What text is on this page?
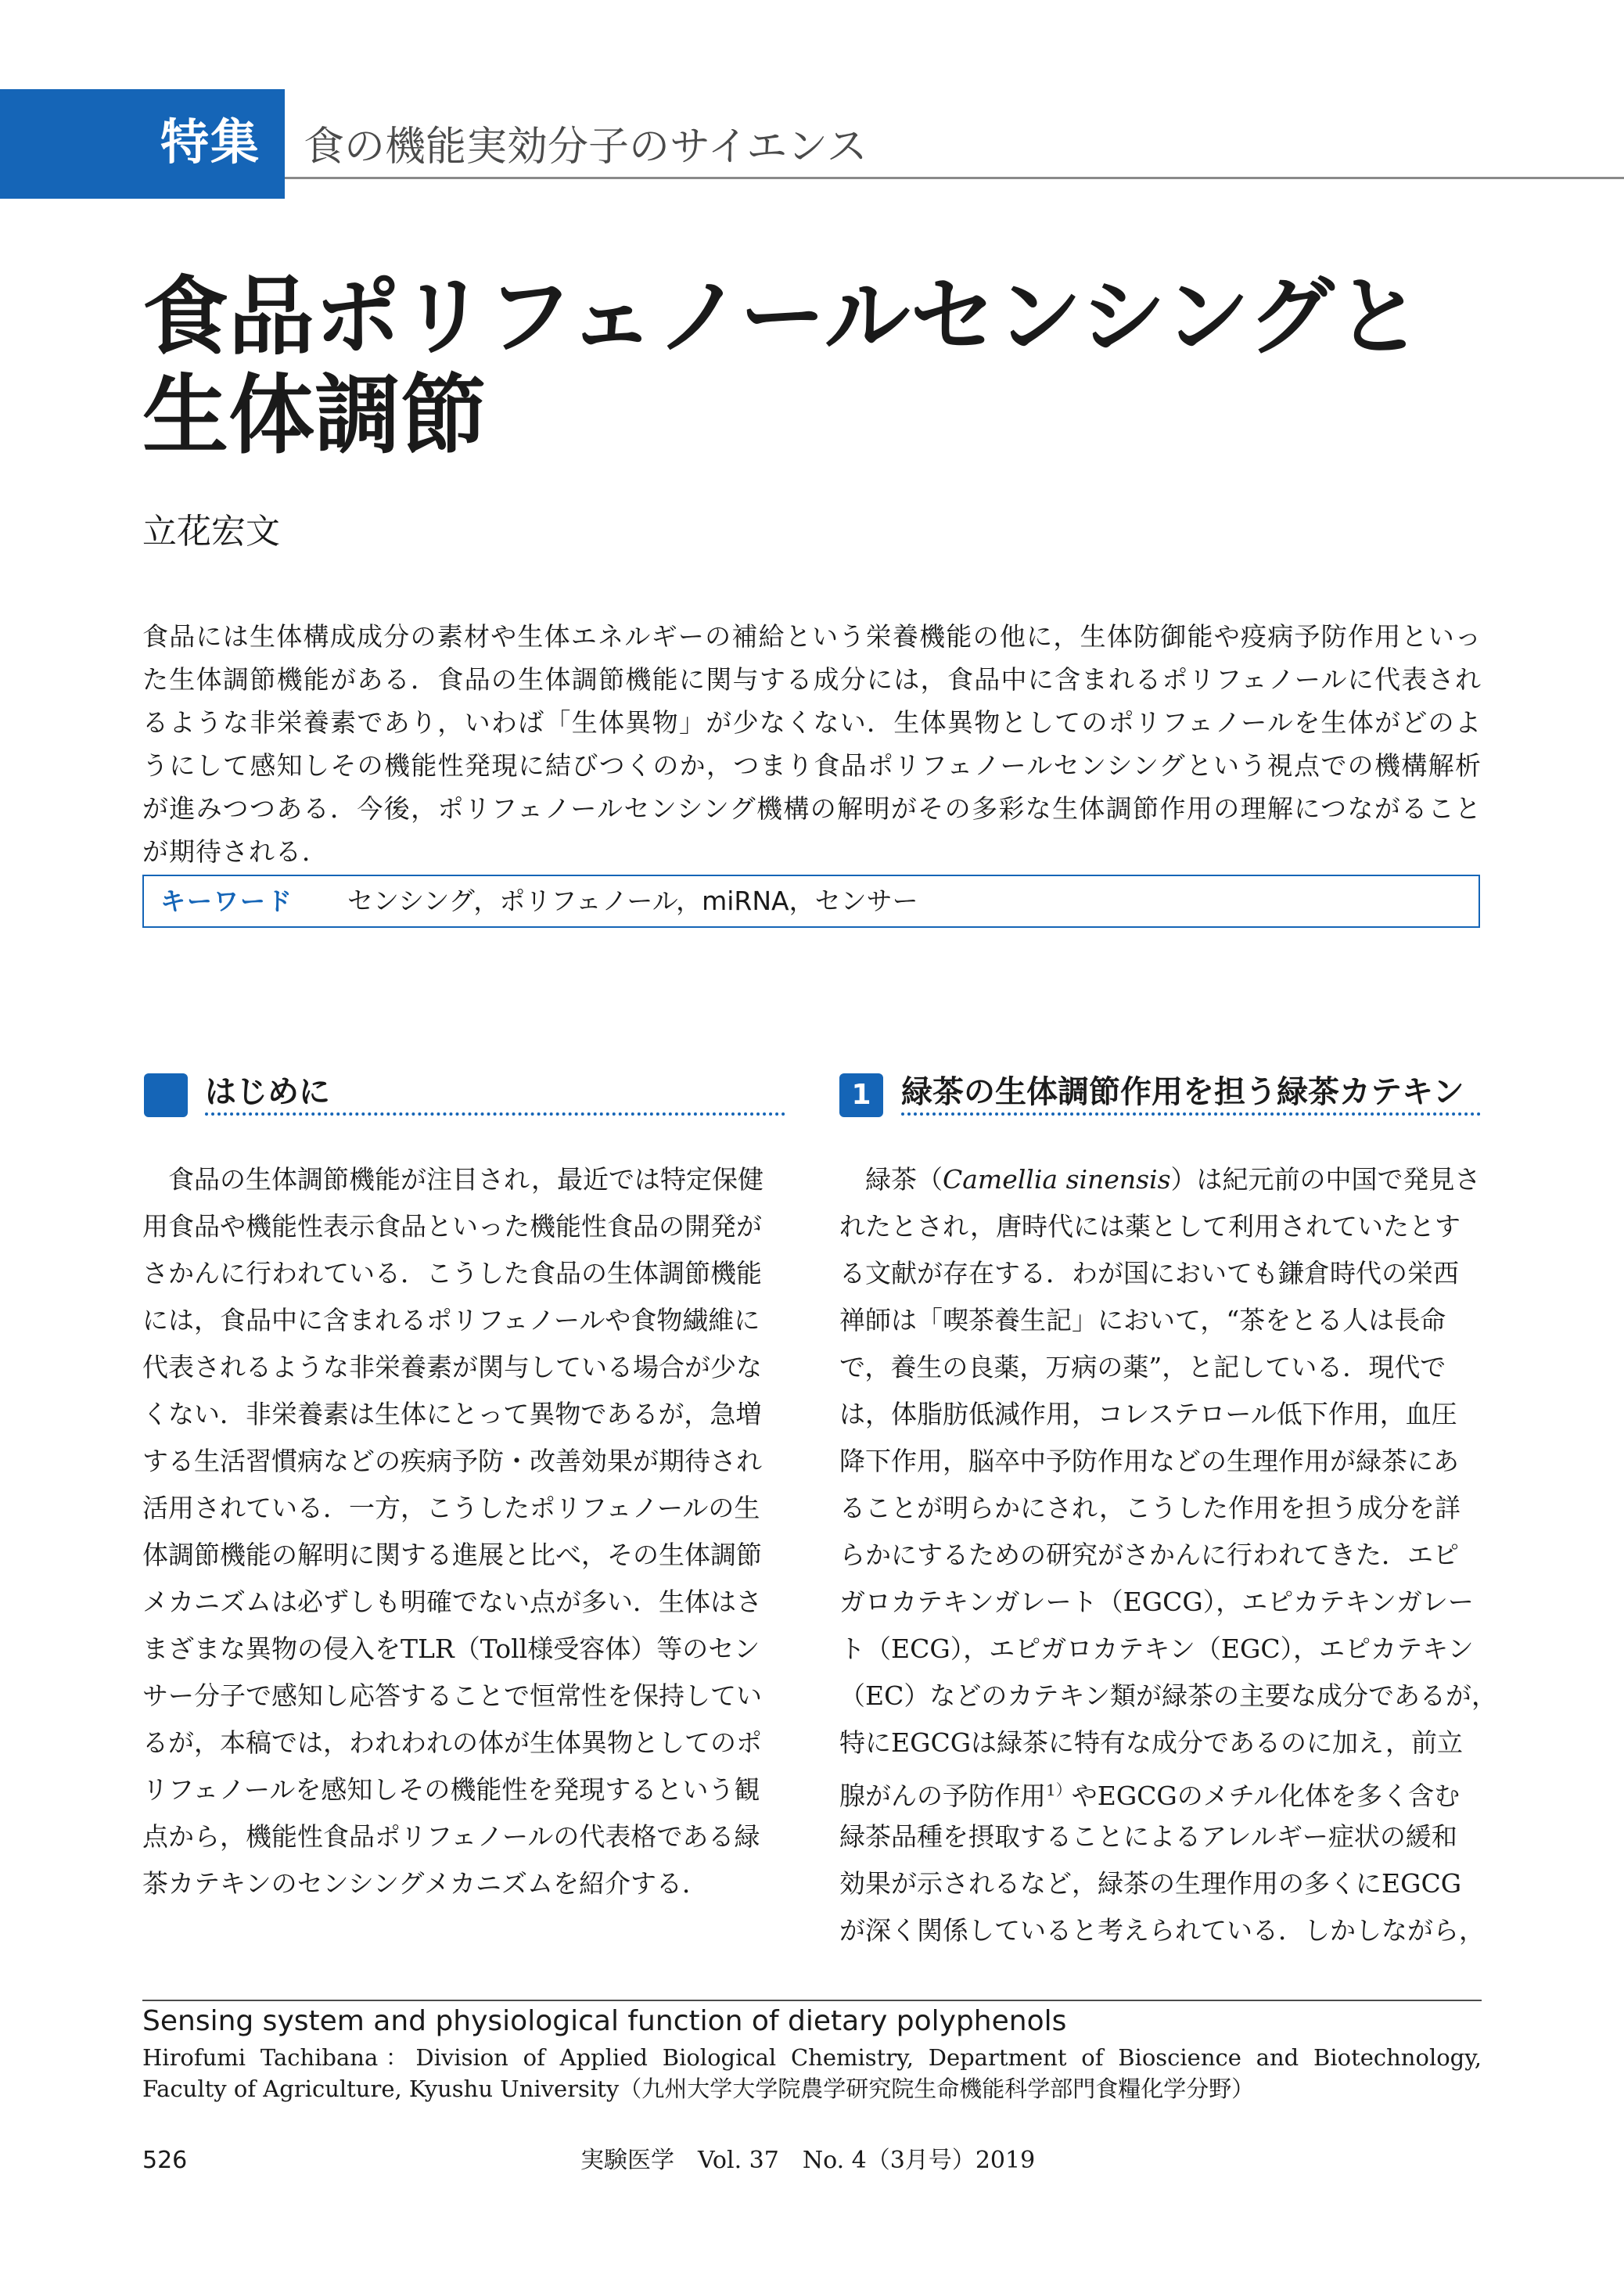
特集	食の機能実効分子のサイエンス
食品ポリフェノールセンシングと
生体調節
立花宏文
食品には生体構成成分の素材や生体エネルギーの補給という栄養機能の他に，生体防御能や疫病予防作用といった生体調節機能がある．食品の生体調節機能に関与する成分には，食品中に含まれるポリフェノールに代表されるような非栄養素であり，いわば「生体異物」が少なくない．生体異物としてのポリフェノールを生体がどのようにして感知しその機能性発現に結びつくのか，つまり食品ポリフェノールセンシングという視点での機構解析が進みつつある．今後，ポリフェノールセンシング機構の解明がその多彩な生体調節作用の理解につながることが期待される．
キーワード センシング，ポリフェノール，miRNA，センサー
はじめに	1 緑茶の生体調節作用を担う緑茶カテキン
　食品の生体調節機能が注目され，最近では特定保健
用食品や機能性表示食品といった機能性食品の開発が
さかんに行われている．こうした食品の生体調節機能
には，食品中に含まれるポリフェノールや食物繊維に
代表されるような非栄養素が関与している場合が少な
くない．非栄養素は生体にとって異物であるが，急増
する生活習慣病などの疾病予防・改善効果が期待され
活用されている．一方，こうしたポリフェノールの生
体調節機能の解明に関する進展と比べ，その生体調節
メカニズムは必ずしも明確でない点が多い．生体はさ
まざまな異物の侵入をTLR（Toll様受容体）等のセン
サー分子で感知し応答することで恒常性を保持してい
るが，本稿では，われわれの体が生体異物としてのポ
リフェノールを感知しその機能性を発現するという観
点から，機能性食品ポリフェノールの代表格である緑
茶カテキンのセンシングメカニズムを紹介する．
　緑茶（Camellia sinensis）は紀元前の中国で発見さ
れたとされ，唐時代には薬として利用されていたとす
る文献が存在する．わが国においても鎌倉時代の栄西
禅師は「喫茶養生記」において，“茶をとる人は長命
で，養生の良薬，万病の薬”，と記している．現代で
は，体脂肪低減作用，コレステロール低下作用，血圧
降下作用，脳卒中予防作用などの生理作用が緑茶にあ
ることが明らかにされ，こうした作用を担う成分を詳
らかにするための研究がさかんに行われてきた．エピ
ガロカテキンガレート（EGCG），エピカテキンガレー
ト（ECG），エピガロカテキン（EGC），エピカテキン
（EC）などのカテキン類が緑茶の主要な成分であるが，
特にEGCGは緑茶に特有な成分であるのに加え，前立
腺がんの予防作用$^{1)}$やEGCGのメチル化体を多く含む
緑茶品種を摂取することによるアレルギー症状の緩和
効果が示されるなど，緑茶の生理作用の多くにEGCG
が深く関係していると考えられている．しかしながら，
Sensing system and physiological function of dietary polyphenols
Hirofumi Tachibana：Division of Applied Biological Chemistry, Department of Bioscience and Biotechnology, Faculty of Agriculture, Kyushu University（九州大学大学院農学研究院生命機能科学部門食糧化学分野）
526	実験医学　Vol. 37　No. 4（3月号）2019
